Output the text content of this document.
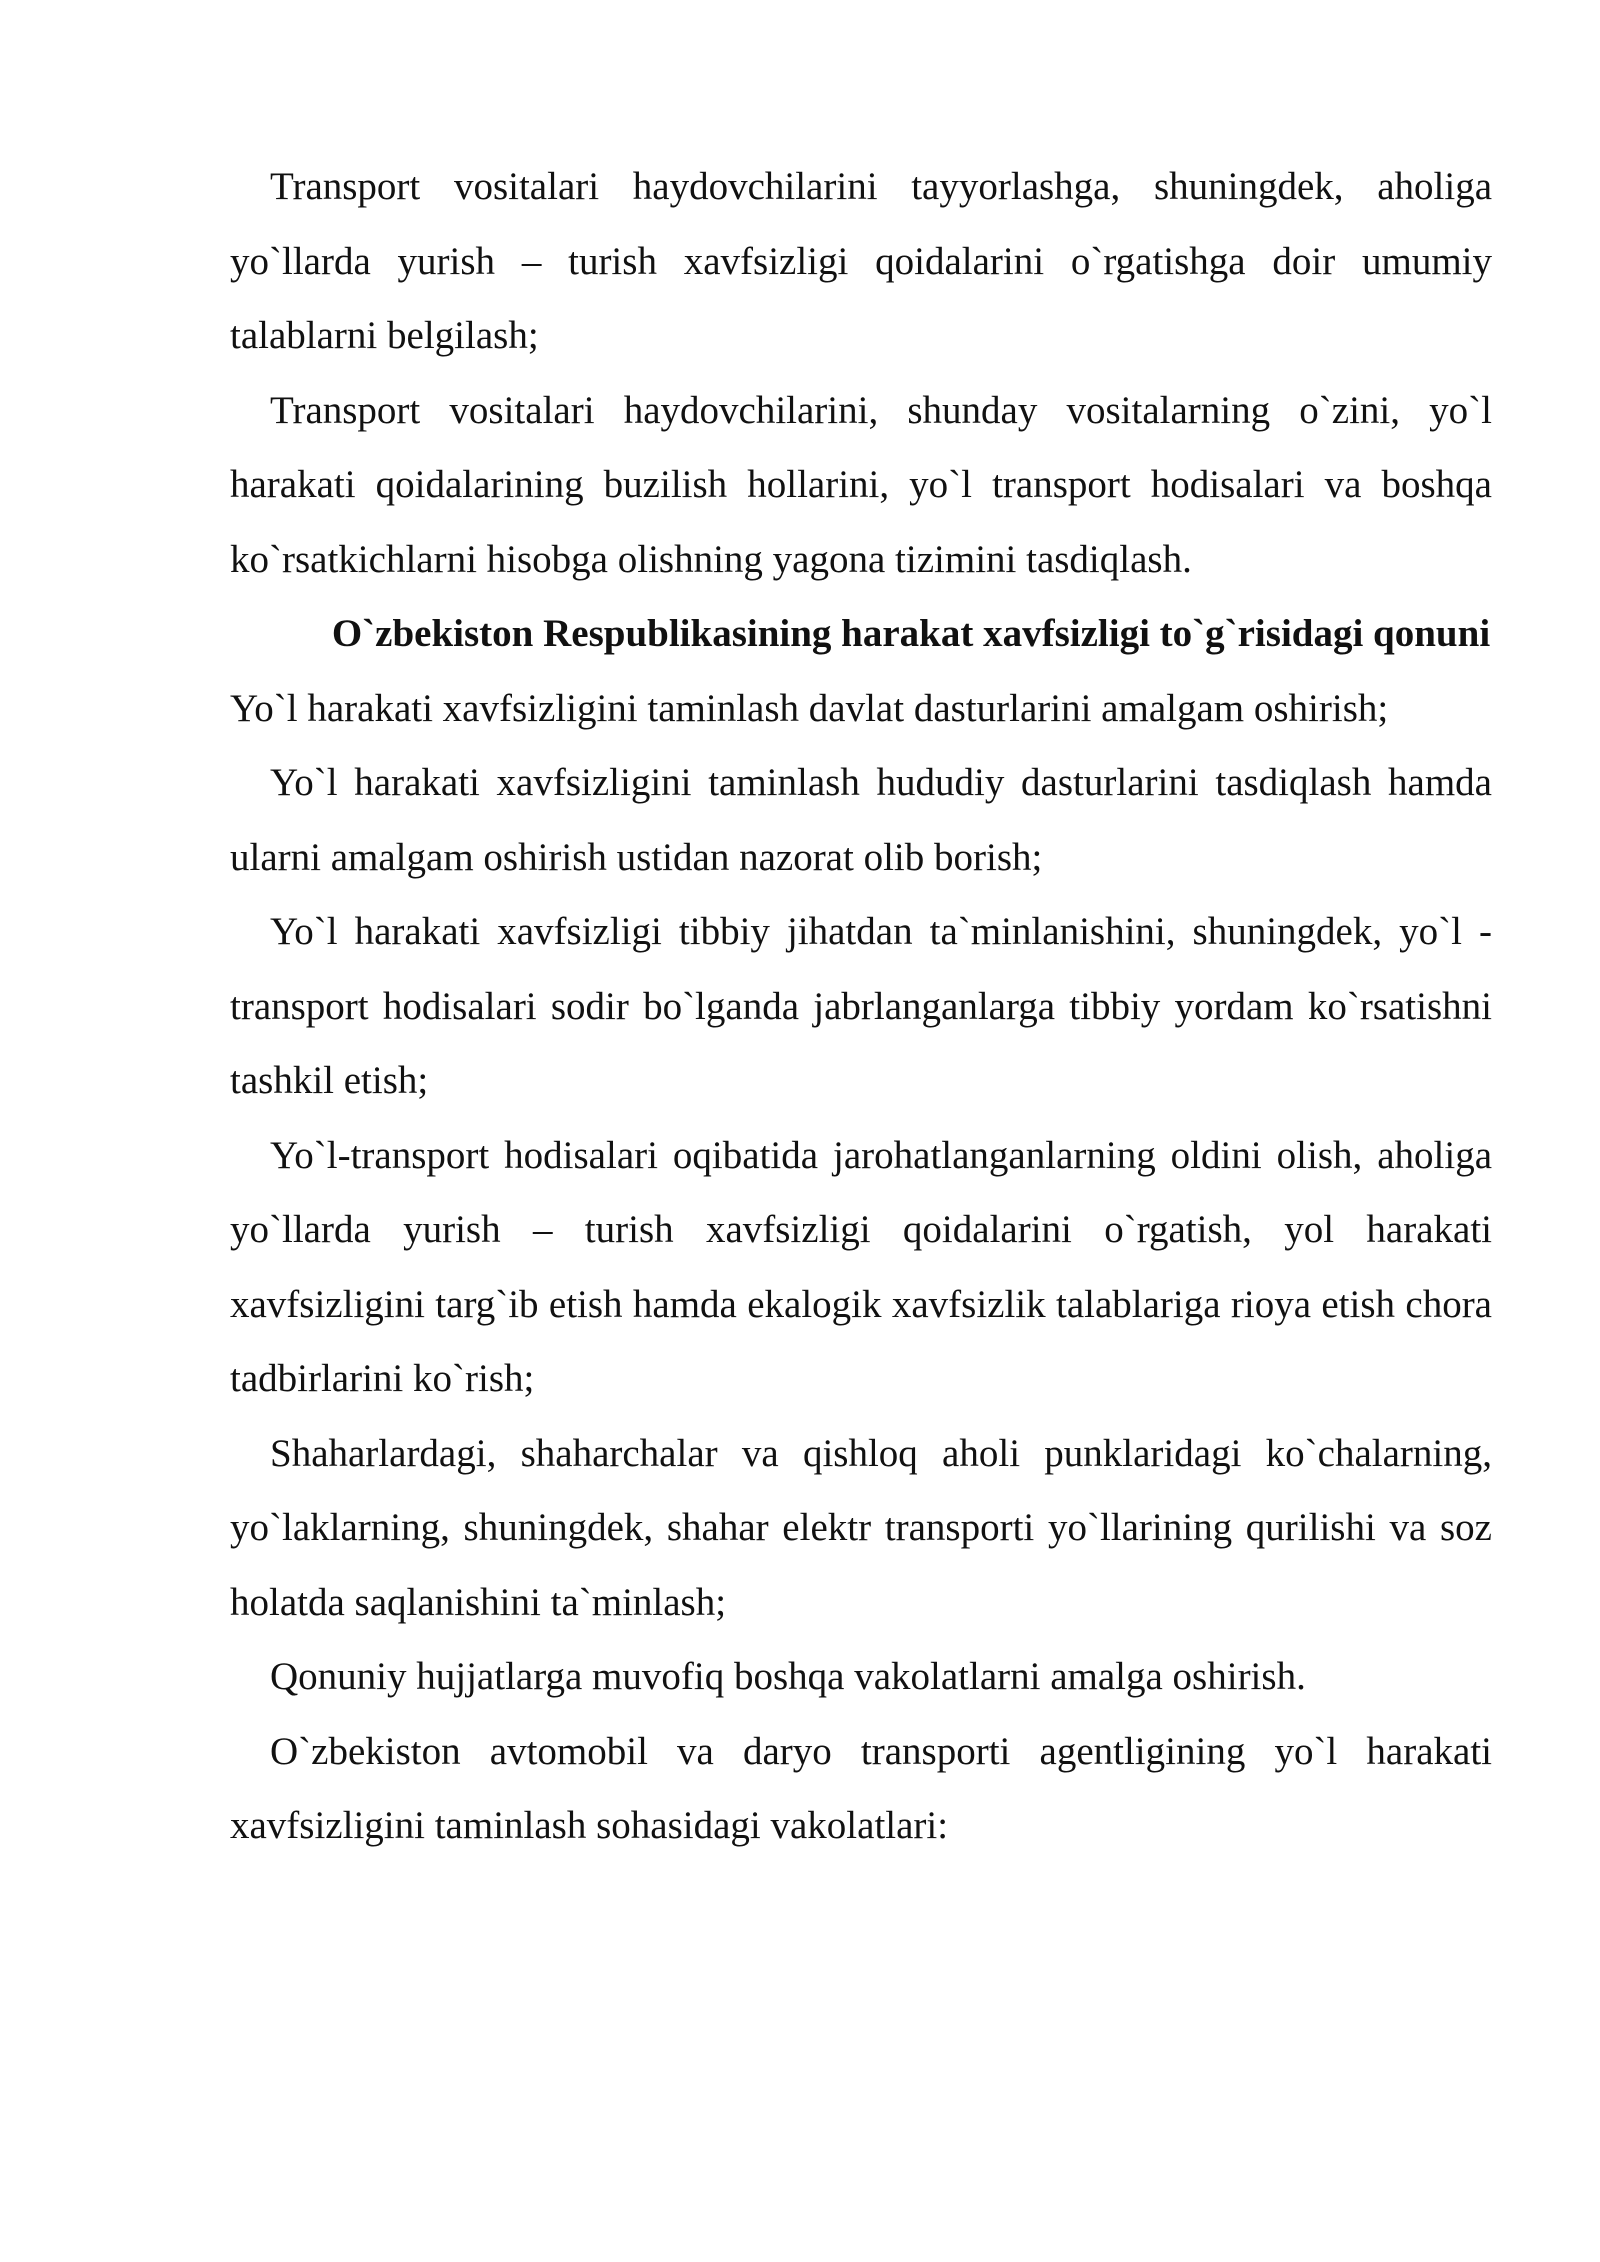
Transport vositalari haydovchilarini tayyorlashga, shuningdek, aholiga yo`llarda yurish – turish xavfsizligi qoidalarini o`rgatishga doir umumiy talablarni belgilash;

Transport vositalari haydovchilarini, shunday vositalarning o`zini, yo`l harakati qoidalarining buzilish hollarini, yo`l transport hodisalari va boshqa ko`rsatkichlarni hisobga olishning yagona tizimini tasdiqlash.

O`zbekiston Respublikasining harakat xavfsizligi to`g`risidagi qonuni

Yo`l harakati xavfsizligini taminlash davlat dasturlarini amalgam oshirish;

Yo`l harakati xavfsizligini taminlash hududiy dasturlarini tasdiqlash hamda ularni amalgam oshirish ustidan nazorat olib borish;

Yo`l harakati xavfsizligi tibbiy jihatdan ta`minlanishini, shuningdek, yo`l - transport hodisalari sodir bo`lganda jabrlanganlarga tibbiy yordam ko`rsatishni tashkil etish;

Yo`l-transport hodisalari oqibatida jarohatlanganlarning oldini olish, aholiga yo`llarda yurish – turish xavfsizligi qoidalarini o`rgatish, yol harakati xavfsizligini targ`ib etish hamda ekalogik xavfsizlik talablariga rioya etish chora tadbirlarini ko`rish;

Shaharlardagi, shaharchalar va qishloq aholi punklaridagi ko`chalarning, yo`laklarning, shuningdek, shahar elektr transporti yo`llarining qurilishi va soz holatda saqlanishini ta`minlash;

Qonuniy hujjatlarga muvofiq boshqa vakolatlarni amalga oshirish.

O`zbekiston avtomobil va daryo transporti agentligining yo`l harakati xavfsizligini taminlash sohasidagi vakolatlari:
